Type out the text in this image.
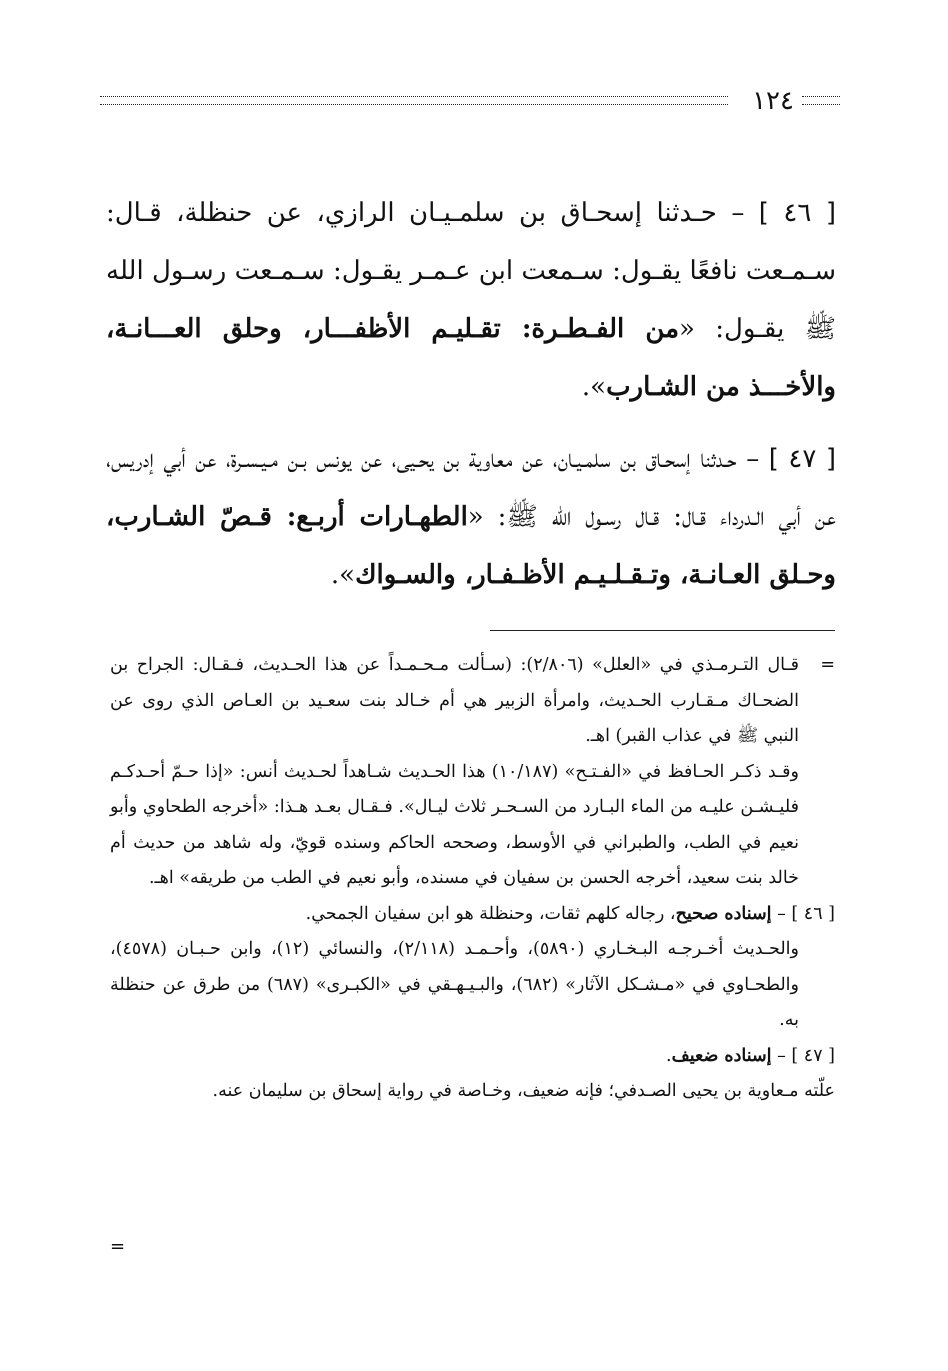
١٢٤

[ ٤٦ ] – حـدثنا إسحـاق بن سلمـيـان الرازي، عن حنظلة، قـال: سـمـعت نافعًا يقـول: سـمعت ابن عـمـر يقـول: سـمـعت رسـول الله ﷺ يقـول: «من الفـطـرة: تقـليـم الأظفـــار، وحلق العـــانـة، والأخـــذ من الشـارب».

[ ٤٧ ] – حـدثنا إسحـاق بن سلمـيـان، عن معاوية بن يحـيى، عن يونس بـن مـيـسـرة، عن أبي إدريس، عن أبي الـدرداء قـال: قـال رسـول الله ﷺ: «الطهـارات أربـع: قـصّ الشـارب، وحـلق العـانـة، وتـقـلـيـم الأظـفـار، والسـواك».

=
قـال التـرمـذي في «العلل» (٢/٨٠٦): (سـألت مـحـمـداً عن هذا الحـديث، فـقـال: الجراح بن الضحـاك مـقـارب الحـديث، وامرأة الزبير هي أم خـالد بنت سعـيد بن العـاص الذي روى عن النبي ﷺ في عذاب القبر) اهـ.

وقـد ذكـر الحـافظ في «الفـتـح» (١٠/١٨٧) هذا الحـديث شـاهداً لحـديث أنس: «إذا حـمّ أحـدكـم فليـشـن عليـه من الماء البـارد من السـحـر ثلاث ليـال». فـقـال بعـد هـذا: «أخرجه الطحاوي وأبو نعيم في الطب، والطبراني في الأوسط، وصححه الحاكم وسنده قويّ، وله شاهد من حديث أم خالد بنت سعيد، أخرجه الحسن بن سفيان في مسنده، وأبو نعيم في الطب من طريقه» اهـ.

[ ٤٦ ] – إسناده صحيح، رجاله كلهم ثقات، وحنظلة هو ابن سفيان الجمحي.

والحـديث أخـرجـه البـخـاري (٥٨٩٠)، وأحـمـد (٢/١١٨)، والنسائي (١٢)، وابن حـبـان (٤٥٧٨)، والطحـاوي في «مـشـكل الآثار» (٦٨٢)، والبـيـهـقي في «الكبـرى» (٦٨٧) من طرق عن حنظلة به.

[ ٤٧ ] – إسناده ضعيف.

علّته مـعاوية بن يحيى الصـدفي؛ فإنه ضعيف، وخـاصة في رواية إسحاق بن سليمان عنه.

=
